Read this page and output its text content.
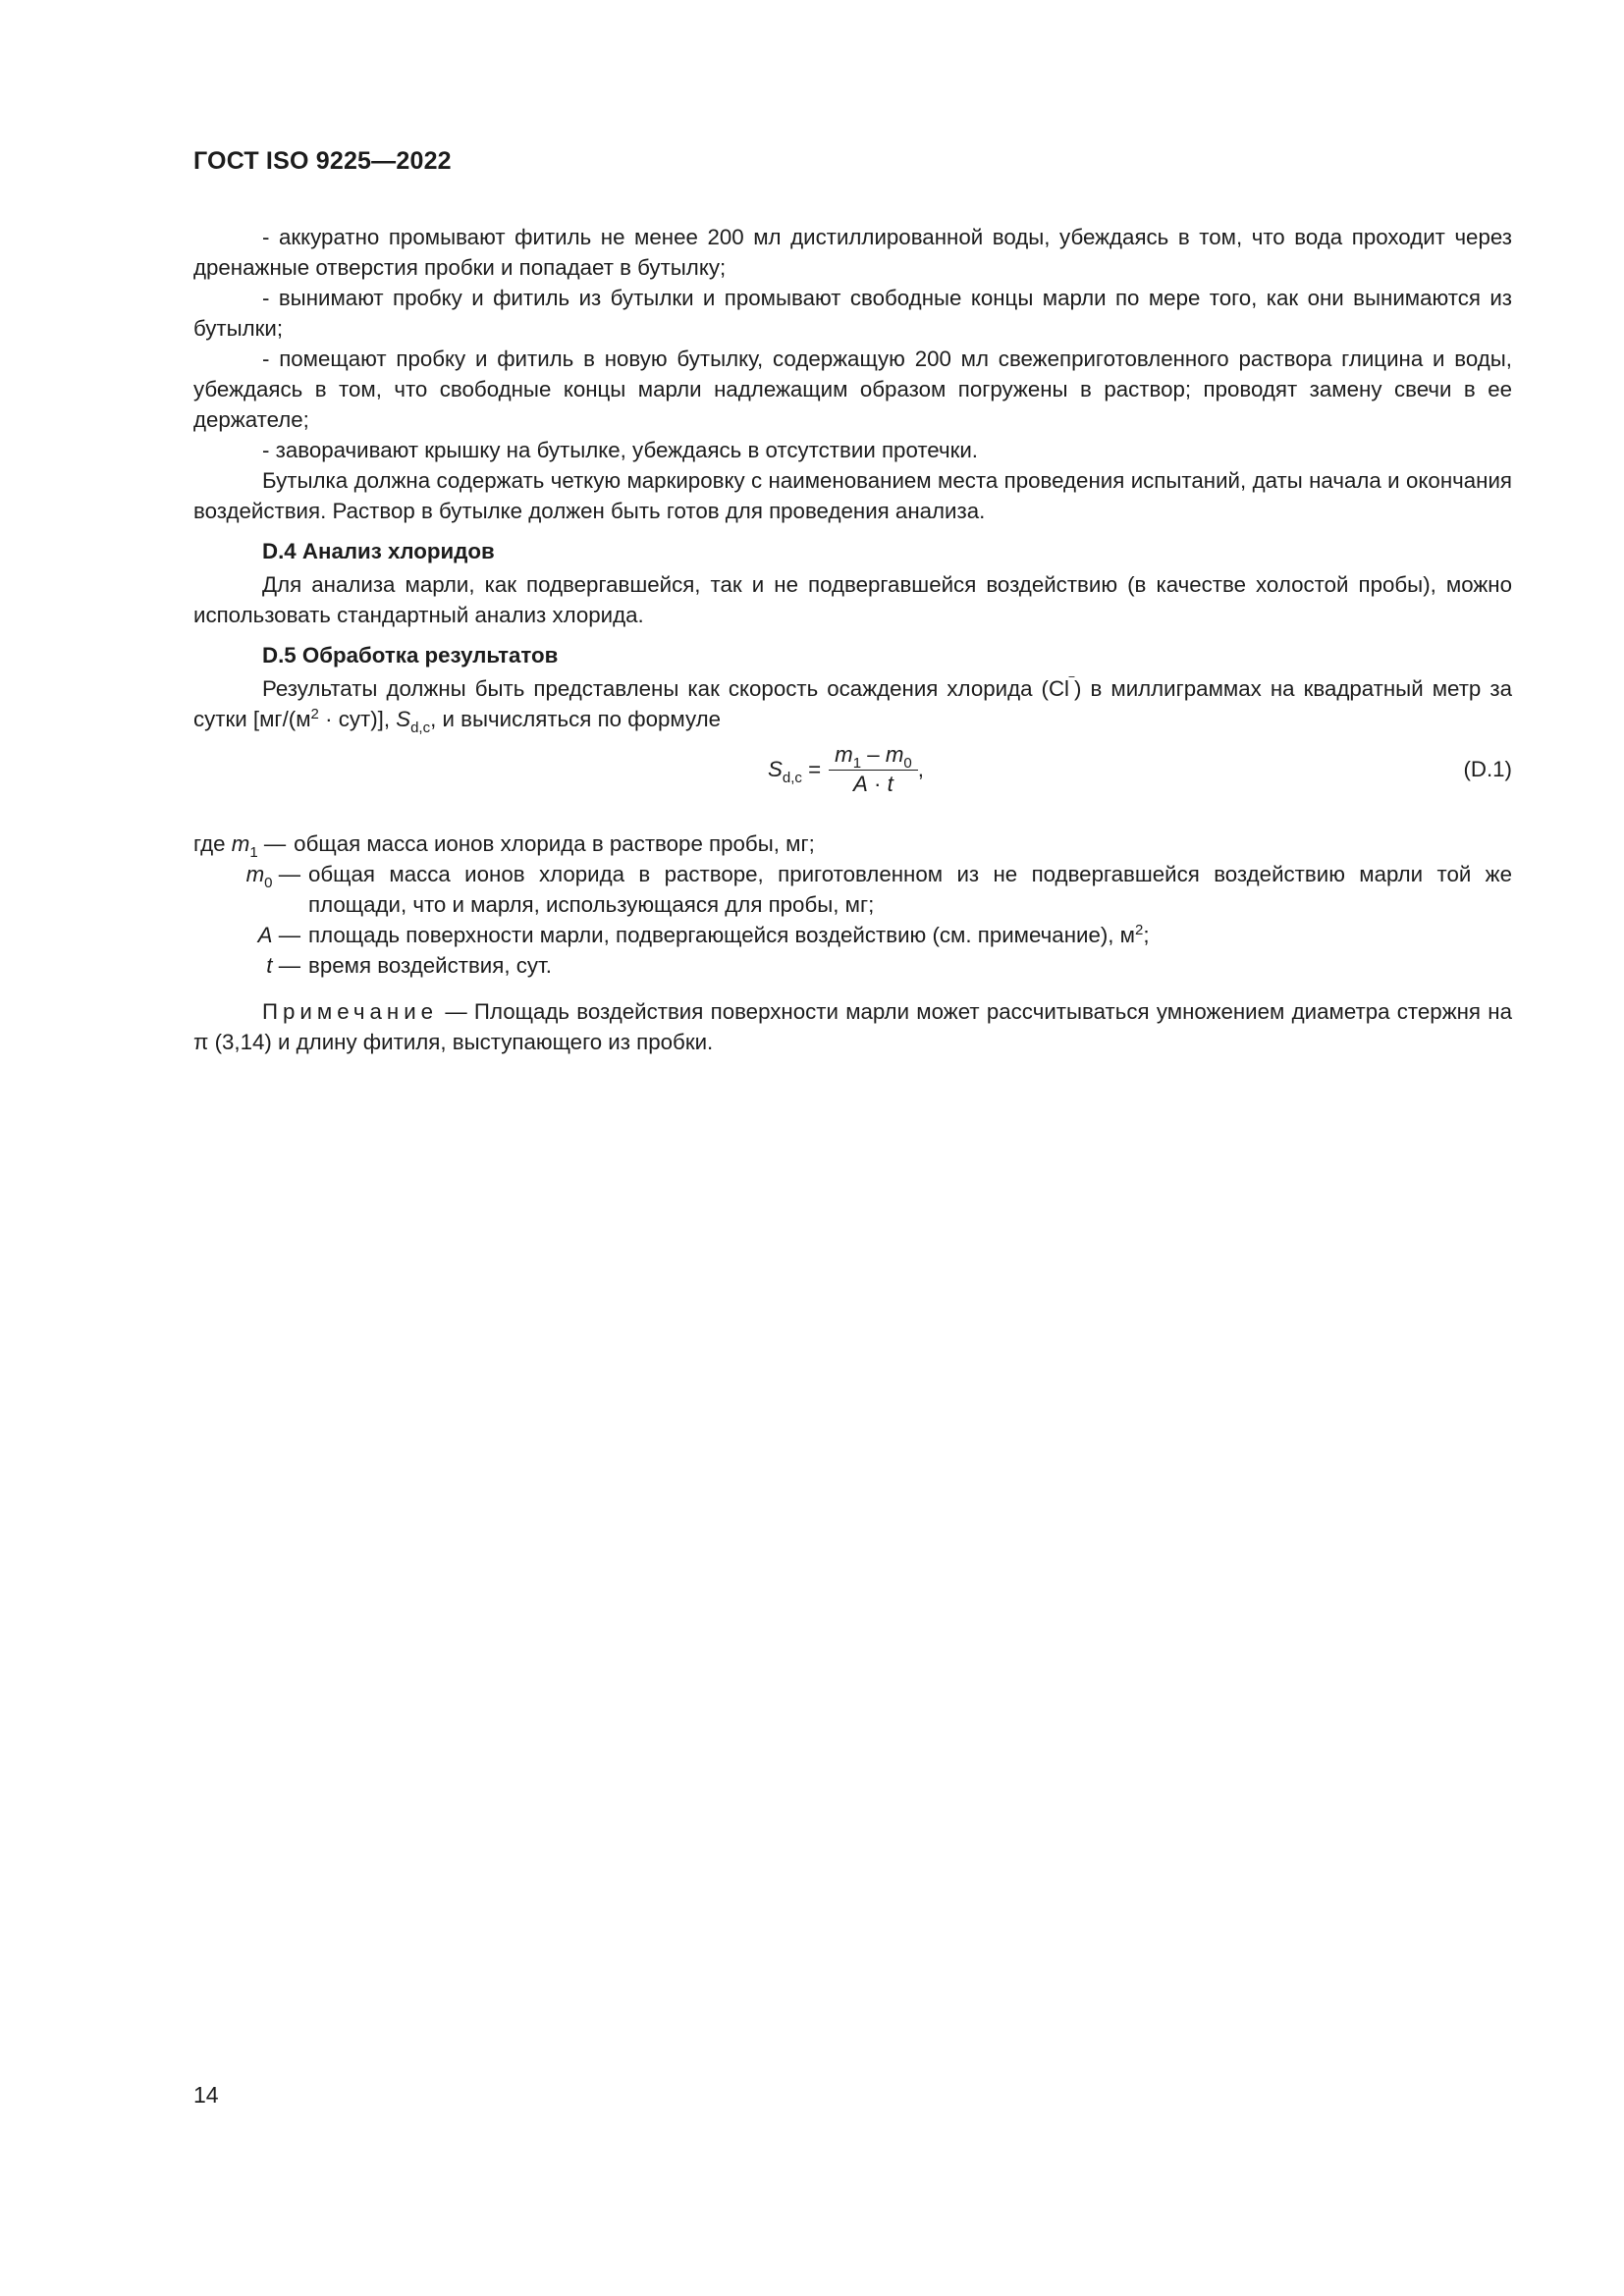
ГОСТ ISO 9225—2022

- аккуратно промывают фитиль не менее 200 мл дистиллированной воды, убеждаясь в том, что вода проходит через дренажные отверстия пробки и попадает в бутылку;

- вынимают пробку и фитиль из бутылки и промывают свободные концы марли по мере того, как они вынимаются из бутылки;

- помещают пробку и фитиль в новую бутылку, содержащую 200 мл свежеприготовленного раствора глицина и воды, убеждаясь в том, что свободные концы марли надлежащим образом погружены в раствор; проводят замену свечи в ее держателе;

- заворачивают крышку на бутылке, убеждаясь в отсутствии протечки.

Бутылка должна содержать четкую маркировку с наименованием места проведения испытаний, даты начала и окончания воздействия. Раствор в бутылке должен быть готов для проведения анализа.

D.4 Анализ хлоридов

Для анализа марли, как подвергавшейся, так и не подвергавшейся воздействию (в качестве холостой пробы), можно использовать стандартный анализ хлорида.

D.5 Обработка результатов

Результаты должны быть представлены как скорость осаждения хлорида (Cl‾) в миллиграммах на квадратный метр за сутки $[мг/(м^2 \cdot сут)]$, $S_{d,c}$, и вычисляться по формуле

$S_{d,c} = \frac{m_1 - m_0}{A \cdot t}$ ,	(D.1)
где $m_1$ — общая масса ионов хлорида в растворе пробы, мг;
$m_0$ — общая масса ионов хлорида в растворе, приготовленном из не подвергавшейся воздействию марли той же площади, что и марля, использующаяся для пробы, мг;
A — площадь поверхности марли, подвергающейся воздействию (см. примечание), $м^2$;
t — время воздействия, сут.

Примечание — Площадь воздействия поверхности марли может рассчитываться умножением диаметра стержня на π (3,14) и длину фитиля, выступающего из пробки.

14
